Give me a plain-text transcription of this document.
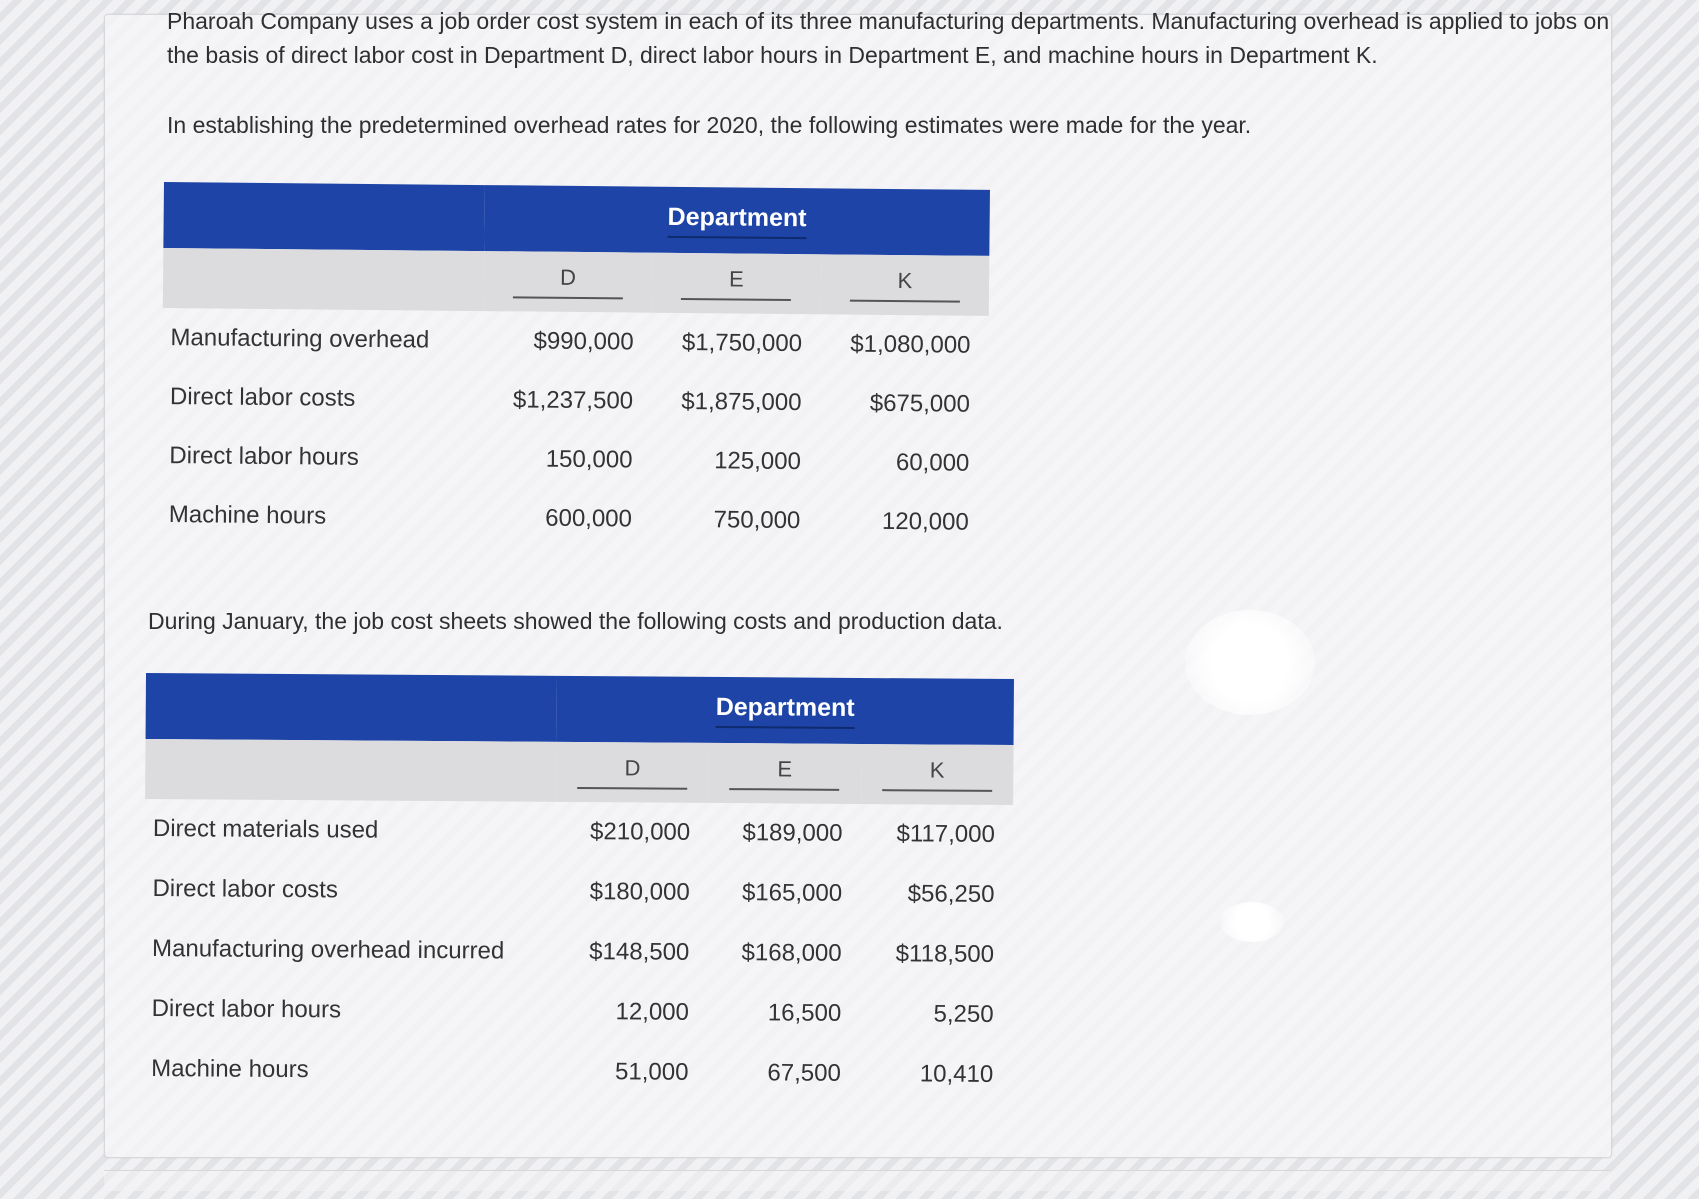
Pharoah Company uses a job order cost system in each of its three manufacturing departments. Manufacturing overhead is applied to jobs on the basis of direct labor cost in Department D, direct labor hours in Department E, and machine hours in Department K.

In establishing the predetermined overhead rates for 2020, the following estimates were made for the year.

	Department		
	D	E	K
Manufacturing overhead	$990,000	$1,750,000	$1,080,000
Direct labor costs	$1,237,500	$1,875,000	$675,000
Direct labor hours	150,000	125,000	60,000
Machine hours	600,000	750,000	120,000

During January, the job cost sheets showed the following costs and production data.

	Department		
	D	E	K
Direct materials used	$210,000	$189,000	$117,000
Direct labor costs	$180,000	$165,000	$56,250
Manufacturing overhead incurred	$148,500	$168,000	$118,500
Direct labor hours	12,000	16,500	5,250
Machine hours	51,000	67,500	10,410
